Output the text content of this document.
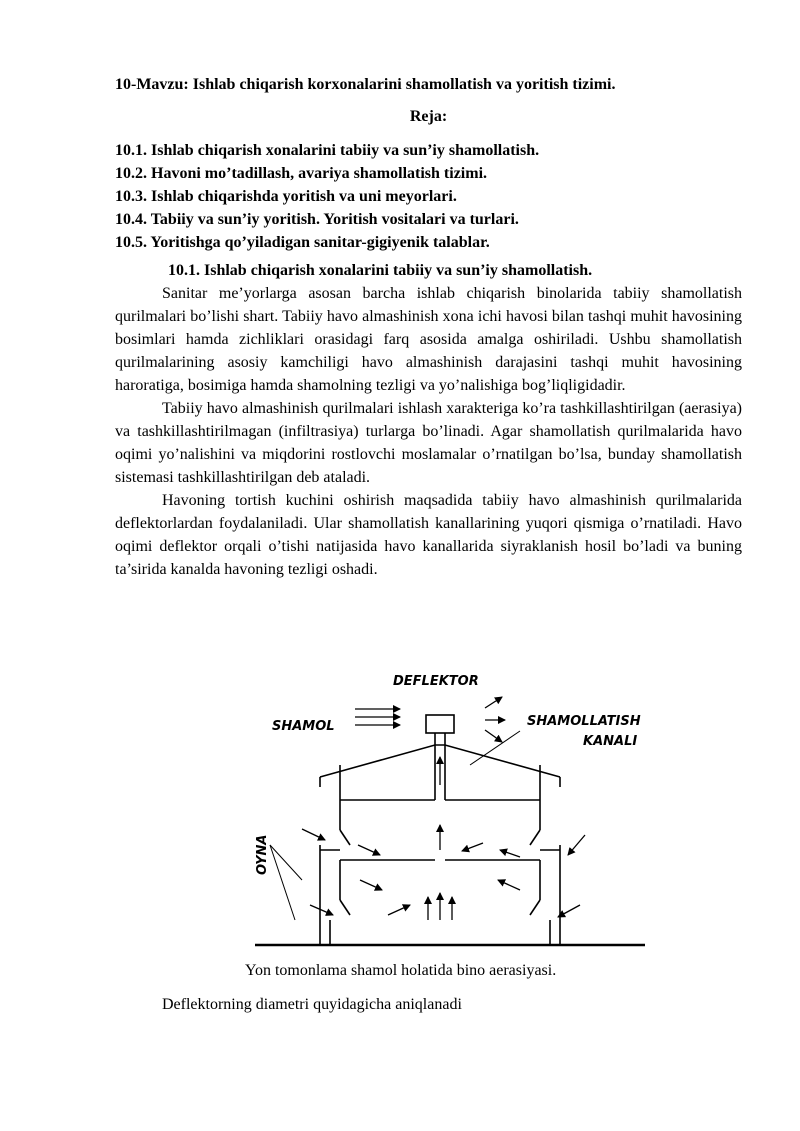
10-Mavzu: Ishlab chiqarish korxonalarini shamollatish va yoritish tizimi.

Reja:

10.1. Ishlab chiqarish xonalarini tabiiy va sun’iy shamollatish.
10.2. Havoni mo’tadillash, avariya shamollatish tizimi.
10.3. Ishlab chiqarishda yoritish va uni meyorlari.
10.4. Tabiiy va sun’iy yoritish. Yoritish vositalari va turlari.
10.5. Yoritishga qo’yiladigan sanitar-gigiyenik talablar.

10.1. Ishlab chiqarish xonalarini tabiiy va sun’iy shamollatish.

Sanitar me’yorlarga asosan barcha ishlab chiqarish binolarida tabiiy shamollatish qurilmalari bo’lishi shart. Tabiiy havo almashinish xona ichi havosi bilan tashqi muhit havosining bosimlari hamda zichliklari orasidagi farq asosida amalga oshiriladi. Ushbu shamollatish qurilmalarining asosiy kamchiligi havo almashinish darajasini tashqi muhit havosining haroratiga, bosimiga hamda shamolning tezligi va yo’nalishiga bog’liqligidadir.

Tabiiy havo almashinish qurilmalari ishlash xarakteriga ko’ra tashkillashtirilgan (aerasiya) va tashkillashtirilmagan (infiltrasiya) turlarga bo’linadi. Agar shamollatish qurilmalarida havo oqimi yo’nalishini va miqdorini rostlovchi moslamalar o’rnatilgan bo’lsa, bunday shamollatish sistemasi tashkillashtirilgan deb ataladi.

Havoning tortish kuchini oshirish maqsadida tabiiy havo almashinish qurilmalarida deflektorlardan foydalaniladi. Ular shamollatish kanallarining yuqori qismiga o’rnatiladi. Havo oqimi deflektor orqali o’tishi natijasida havo kanallarida siyraklanish hosil bo’ladi va buning ta’sirida kanalda havoning tezligi oshadi.

DEFLEKTOR
SHAMOL	SHAMOLLATISH
KANALI
OYNA
Yon tomonlama shamol holatida bino aerasiyasi.
Deflektorning diametri quyidagicha aniqlanadi
